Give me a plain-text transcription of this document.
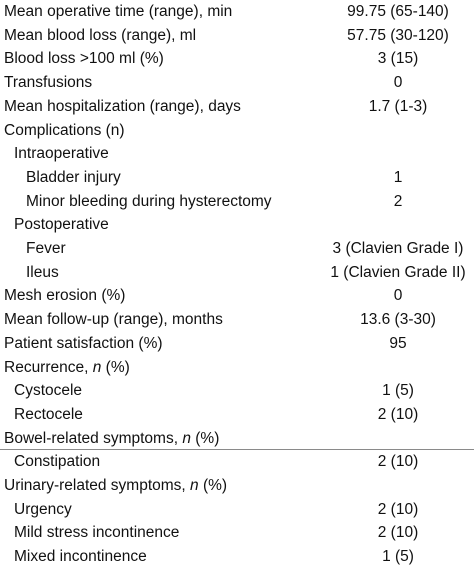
Mean operative time (range), min	99.75 (65-140)
Mean blood loss (range), ml	57.75 (30-120)
Blood loss >100 ml (%)	3 (15)
Transfusions	0
Mean hospitalization (range), days	1.7 (1-3)
Complications (n)	
Intraoperative	
Bladder injury	1
Minor bleeding during hysterectomy	2
Postoperative	
Fever	3 (Clavien Grade I)
Ileus	1 (Clavien Grade II)
Mesh erosion (%)	0
Mean follow-up (range), months	13.6 (3-30)
Patient satisfaction (%)	95
Recurrence, n (%)	
Cystocele	1 (5)
Rectocele	2 (10)
Bowel-related symptoms, n (%)	
Constipation	2 (10)
Urinary-related symptoms, n (%)	
Urgency	2 (10)
Mild stress incontinence	2 (10)
Mixed incontinence	1 (5)
